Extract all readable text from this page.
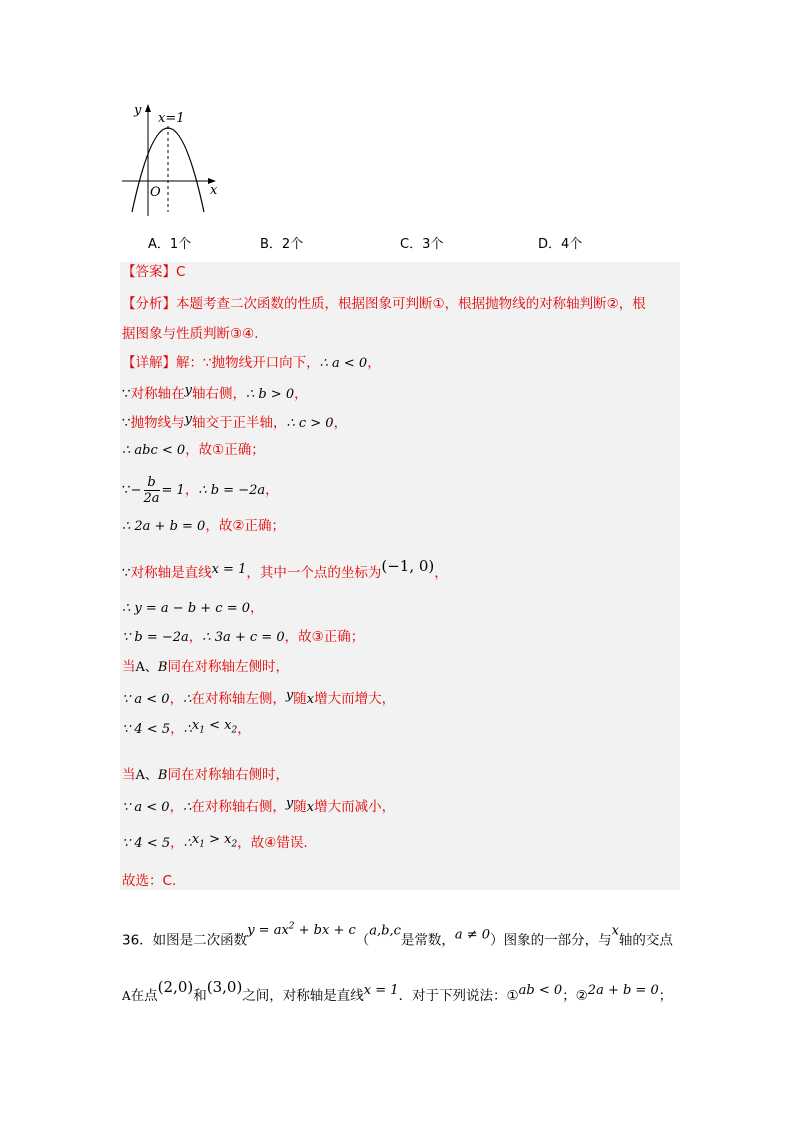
y
x
O
x=1
A．1个	B．2个	C．3个	D．4个
【答案】C
【分析】本题考查二次函数的性质，根据图象可判断①，根据抛物线的对称轴判断②，根
据图象与性质判断③④.
【详解】解：∵抛物线开口向下，∴ a < 0，
∵对称轴在y轴右侧，∴ b > 0，
∵抛物线与y轴交于正半轴，∴ c > 0，
∴ abc < 0，故①正确；
∵− $\frac{b}{2a} = 1$，∴ b = −2a，
∴ 2a + b = 0，故②正确；
∵对称轴是直线x = 1，其中一个点的坐标为(−1, 0)，
∴ y = a − b + c = 0，
∵ b = −2a，∴ 3a + c = 0，故③正确；
当A、B同在对称轴左侧时，
∵ a < 0，∴在对称轴左侧，y随x增大而增大，
∵ 4 < 5，$\therefore x_1 < x_2$，
当A、B同在对称轴右侧时，
∵ a < 0，∴在对称轴右侧，y随x增大而减小，
∵ 4 < 5，$\therefore x_1 > x_2$，故④错误.
故选：C.
36．如图是二次函数$y = ax^2$ + bx + c（a,b,c是常数，a ≠ 0）图象的一部分，与x轴的交点
A在点(2,0)和(3,0)之间，对称轴是直线x = 1．对于下列说法：①ab < 0；②2a + b = 0；
